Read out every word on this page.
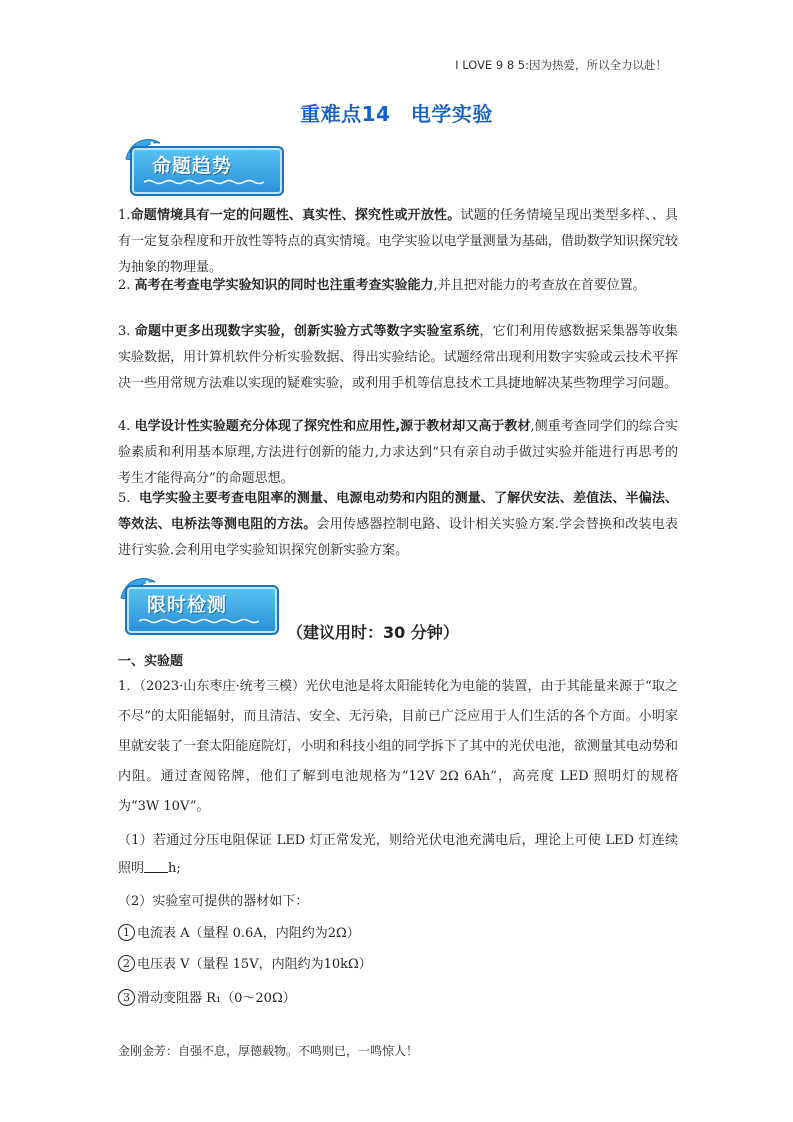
I LOVE 9 8 5:因为热爱，所以全力以赴！
重难点14　电学实验
命题趋势
1.命题情境具有一定的问题性、真实性、探究性或开放性。试题的任务情境呈现出类型多样、、具有一定复杂程度和开放性等特点的真实情境。电学实验以电学量测量为基础，借助数学知识探究较为抽象的物理量。
2. 高考在考查电学实验知识的同时也注重考查实验能力,并且把对能力的考查放在首要位置。
3. 命题中更多出现数字实验，创新实验方式等数字实验室系统，它们利用传感数据采集器等收集实验数据，用计算机软件分析实验数据、得出实验结论。试题经常出现利用数字实验或云技术平挥决一些用常规方法难以实现的疑难实验，或利用手机等信息技术工具捷地解决某些物理学习问题。
4. 电学设计性实验题充分体现了探究性和应用性,源于教材却又高于教材,侧重考查同学们的综合实验素质和利用基本原理,方法进行创新的能力,力求达到“只有亲自动手做过实验并能进行再思考的考生才能得高分”的命题思想。
5. 电学实验主要考查电阻率的测量、电源电动势和内阻的测量、了解伏安法、差值法、半偏法、等效法、电桥法等测电阻的方法。会用传感器控制电路、设计相关实验方案.学会替换和改装电表进行实验.会利用电学实验知识探究创新实验方案。
限时检测
（建议用时：30 分钟）
一、实验题
1．（2023·山东枣庄·统考三模）光伏电池是将太阳能转化为电能的装置，由于其能量来源于“取之不尽”的太阳能辐射，而且清洁、安全、无污染，目前已广泛应用于人们生活的各个方面。小明家里就安装了一套太阳能庭院灯，小明和科技小组的同学拆下了其中的光伏电池，欲测量其电动势和内阻。通过查阅铭牌，他们了解到电池规格为“12V 2Ω 6Ah”，高亮度 LED 照明灯的规格为“3W 10V”。
（1）若通过分压电阻保证 LED 灯正常发光，则给光伏电池充满电后，理论上可使 LED 灯连续照明 h;
（2）实验室可提供的器材如下：
1 电流表 A（量程 0.6A，内阻约为2Ω）
2 电压表 V（量程 15V，内阻约为10kΩ）
3 滑动变阻器 R₁（0～20Ω）
金刚金芳：自强不息，厚德载物。不鸣则已，一鸣惊人！
